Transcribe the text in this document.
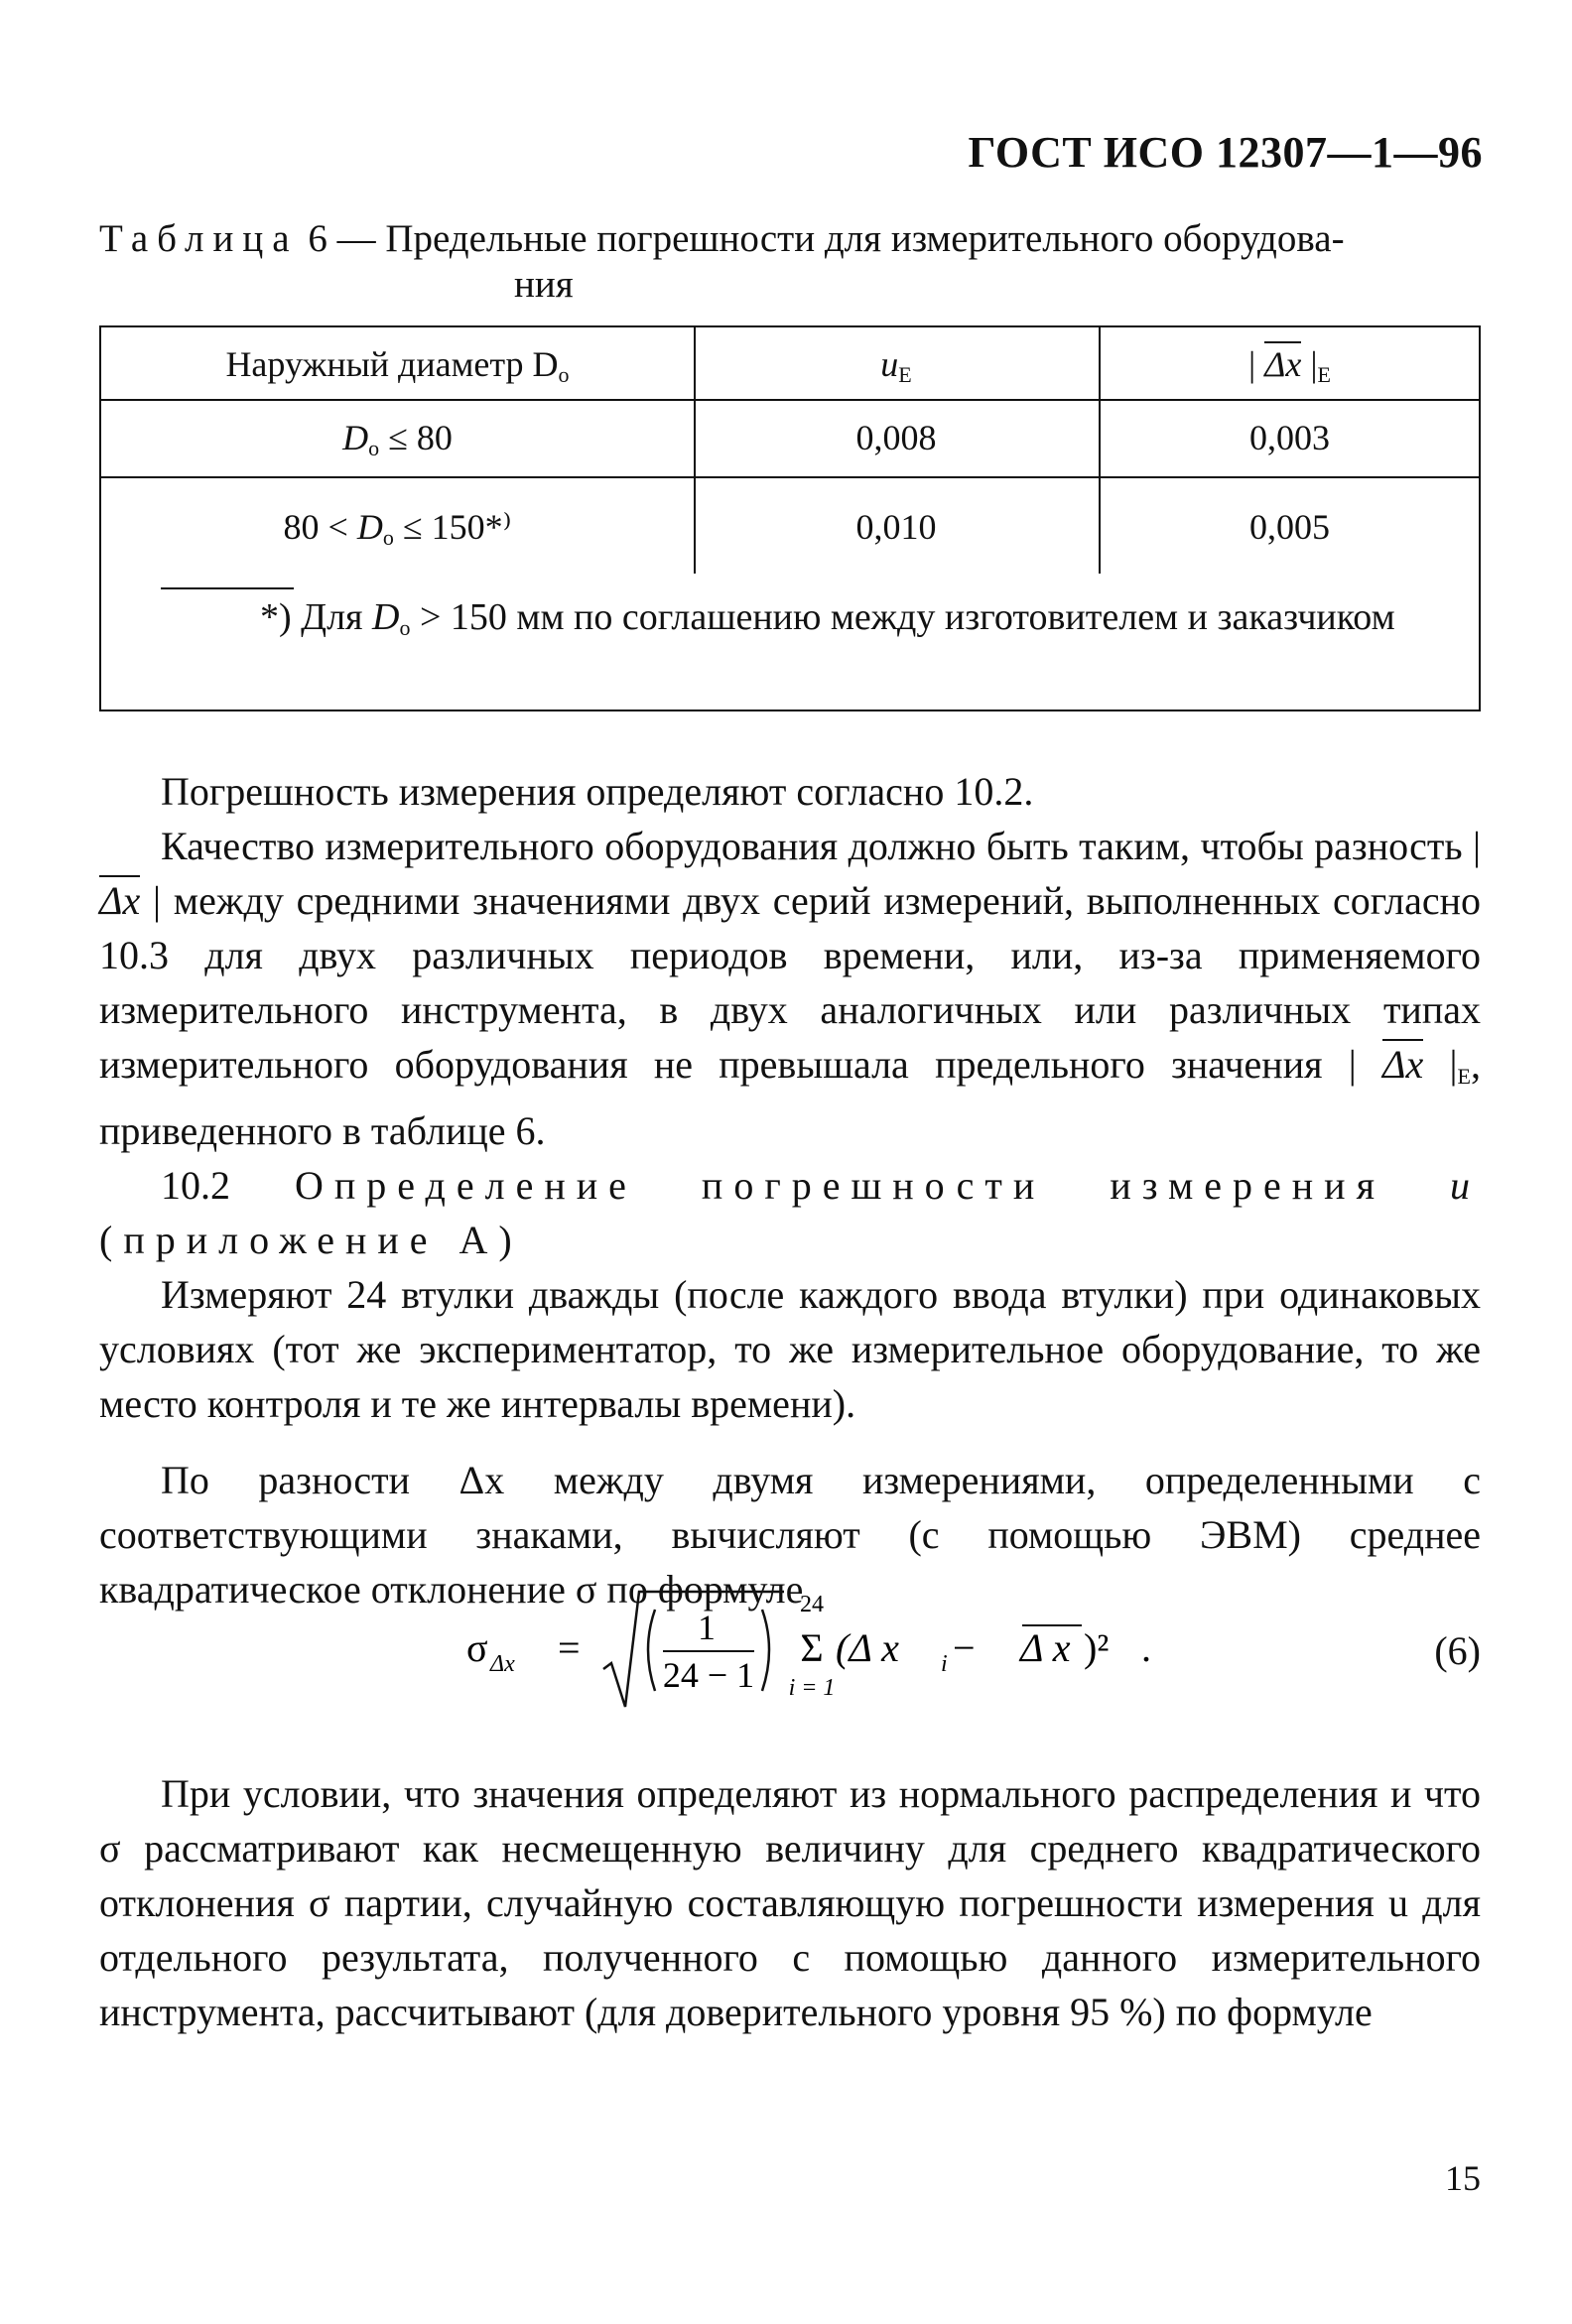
ГОСТ ИСО 12307—1—96
Таблица 6 — Предельные погрешности для измерительного оборудова-
ния
Наружный диаметр $D_o$	$u_E$	| Δx $|_E$
$D_o \le 80$	0,008	0,003
$80 < D_o \le 150*^)$	0,010	0,005
*) Для $D_o > 150$ мм по соглашению между изготовителем и заказчиком

Погрешность измерения определяют согласно 10.2.

Качество измерительного оборудования должно быть таким, чтобы разность | Δx | между средними значениями двух серий измерений, выполненных согласно 10.3 для двух различных периодов времени, или, из-за применяемого измерительного инструмента, в двух аналогичных или различных типах измерительного оборудования не превышала предельного значения | Δx $|_E$, приведенного в таблице 6.

10.2 Определение погрешности измерения u (приложение А)

Измеряют 24 втулки дважды (после каждого ввода втулки) при одинаковых условиях (тот же экспериментатор, то же измерительное оборудование, то же место контроля и те же интервалы времени).

По разности Δx между двумя измерениями, определенными с соответствующими знаками, вычисляют (с помощью ЭВМ) среднее квадратическое отклонение σ по формуле

σ Δx =	1
24 − 1
24
Σ
i = 1
(Δ x i − Δ x )² .	(6)

При условии, что значения определяют из нормального распределения и что σ рассматривают как несмещенную величину для среднего квадратического отклонения σ партии, случайную составляющую погрешности измерения u для отдельного результата, полученного с помощью данного измерительного инструмента, рассчитывают (для доверительного уровня 95 %) по формуле

15
